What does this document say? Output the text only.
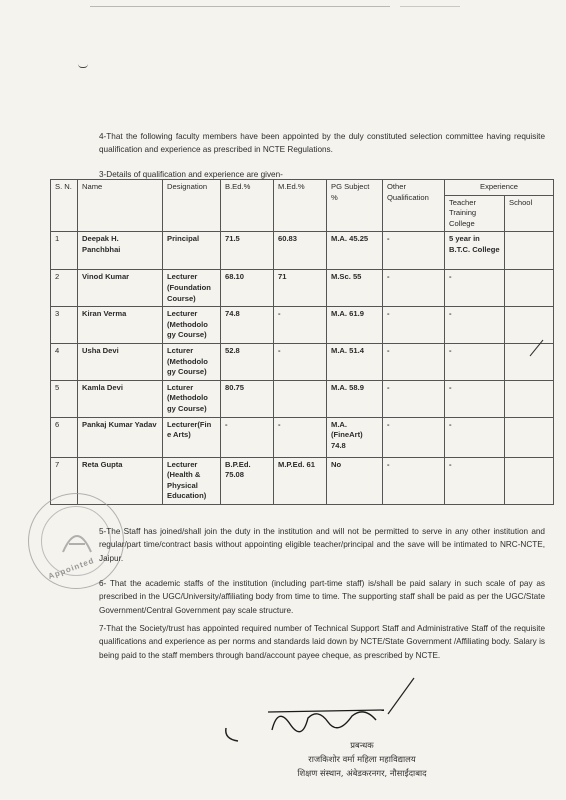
4-That the following faculty members have been appointed by the duly constituted selection committee having requisite qualification and experience as prescribed in NCTE Regulations.

3-Details of qualification and experience are given-

S. N.	Name	Designation	B.Ed.%	M.Ed.%	PG Subject %	Other Qualification	Experience	
							Teacher Training College	School
1	Deepak H. Panchbhai	Principal	71.5	60.83	M.A. 45.25	-	5 year in B.T.C. College	
2	Vinod Kumar	Lecturer (Foundation Course)	68.10	71	M.Sc. 55	-	-	
3	Kiran Verma	Lecturer (Methodolo gy Course)	74.8	-	M.A. 61.9	-	-	
4	Usha Devi	Lcturer (Methodolo gy Course)	52.8	-	M.A. 51.4	-	-	
5	Kamla Devi	Lcturer (Methodolo gy Course)	80.75		M.A. 58.9	-	-	
6	Pankaj Kumar Yadav	Lecturer(Fin e Arts)	-	-	M.A. (FineArt) 74.8	-	-	
7	Reta Gupta	Lecturer (Health & Physical Education)	B.P.Ed. 75.08	M.P.Ed. 61	No	-	-	
Appointed

5-The Staff has joined/shall join the duty in the institution and will not be permitted to serve in any other institution and regular/part time/contract basis without appointing eligible teacher/principal and the save will be intimated to NRC-NCTE, Jaipur.

6- That the academic staffs of the institution (including part-time staff) is/shall be paid salary in such scale of pay as prescribed in the UGC/University/affiliating body from time to time. The supporting staff shall be paid as per the UGC/State Government/Central Government pay scale structure.

7-That the Society/trust has appointed required number of Technical Support Staff and Administrative Staff of the requisite qualifications and experience as per norms and standards laid down by NCTE/State Government /Affiliating body. Salary is being paid to the staff members through band/account payee cheque, as prescribed by NCTE.

प्रबन्धक
राजकिशोर वर्मा महिला महाविद्यालय
शिक्षण संस्थान, अंबेडकरनगर, नौसाईंदाबाद
